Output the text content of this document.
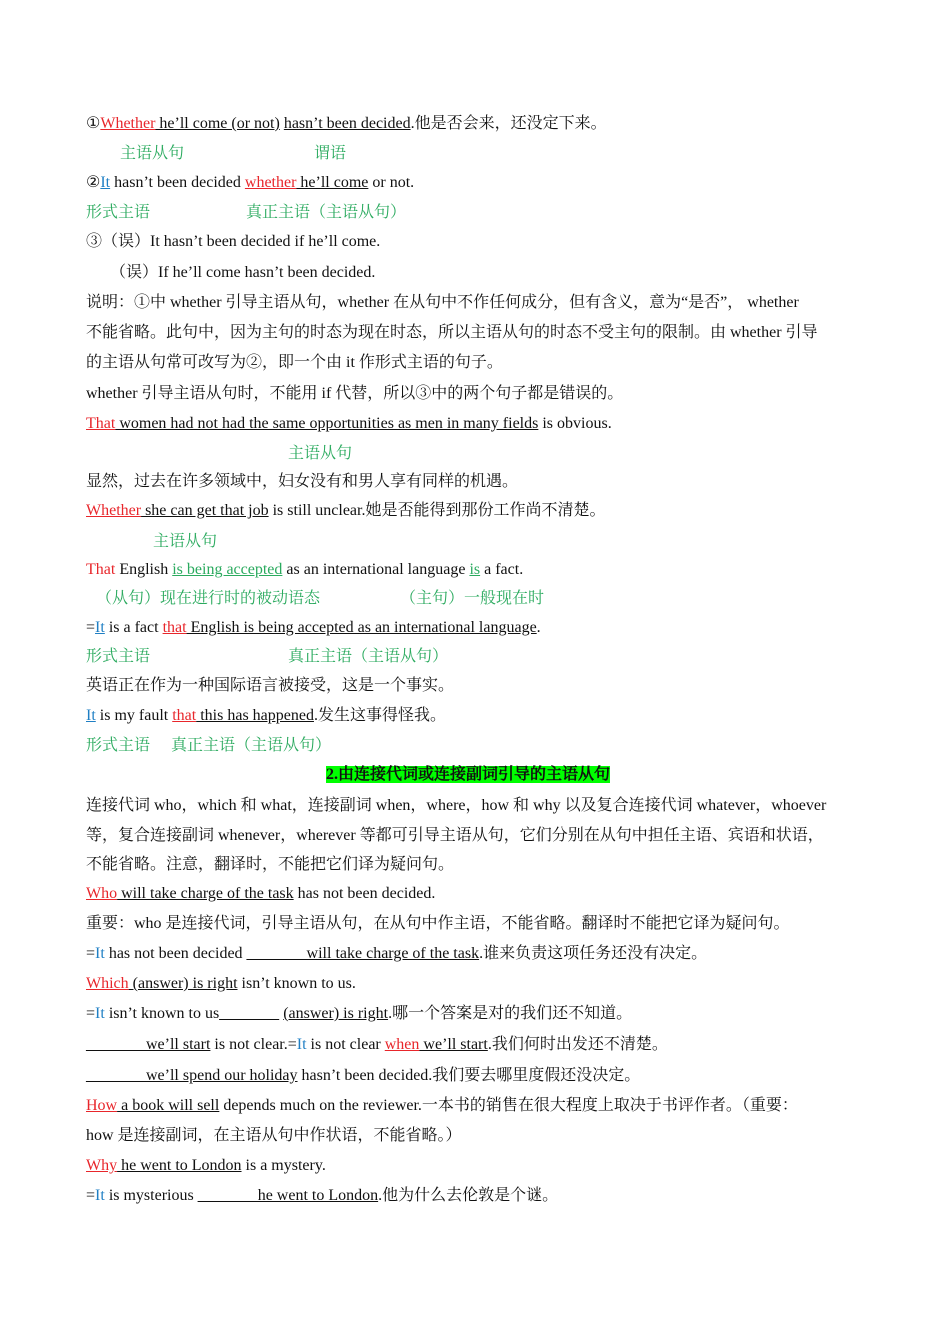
①Whether he’ll come (or not) hasn’t been decided.他是否会来，还没定下来。
主语从句	谓语
②It hasn’t been decided whether he’ll come or not.
形式主语	真正主语（主语从句）
③（误）It hasn’t been decided if he’ll come.
（误）If he’ll come hasn’t been decided.
说明：①中 whether 引导主语从句，whether 在从句中不作任何成分，但有含义，意为“是否”， whether
不能省略。此句中，因为主句的时态为现在时态，所以主语从句的时态不受主句的限制。由 whether 引导
的主语从句常可改写为②，即一个由 it 作形式主语的句子。
whether 引导主语从句时，不能用 if 代替，所以③中的两个句子都是错误的。
That women had not had the same opportunities as men in many fields is obvious.
主语从句
显然，过去在许多领域中，妇女没有和男人享有同样的机遇。
Whether she can get that job is still unclear.她是否能得到那份工作尚不清楚。
主语从句
That English is being accepted as an international language is a fact.
（从句）现在进行时的被动语态	（主句）一般现在时
=It is a fact that English is being accepted as an international language.
形式主语	真正主语（主语从句）
英语正在作为一种国际语言被接受，这是一个事实。
It is my fault that this has happened.发生这事得怪我。
形式主语 真正主语（主语从句）
2.由连接代词或连接副词引导的主语从句
连接代词 who，which 和 what，连接副词 when，where，how 和 why 以及复合连接代词 whatever，whoever
等，复合连接副词 whenever，wherever 等都可引导主语从句，它们分别在从句中担任主语、宾语和状语，
不能省略。注意，翻译时，不能把它们译为疑问句。
Who will take charge of the task has not been decided.
重要：who 是连接代词，引导主语从句，在从句中作主语，不能省略。翻译时不能把它译为疑问句。
=It has not been decided _______ will take charge of the task.谁来负责这项任务还没有决定。
Which (answer) is right isn’t known to us.
=It isn’t known to us_______  (answer) is right.哪一个答案是对的我们还不知道。
_______ we’ll start is not clear.=It is not clear when we’ll start.我们何时出发还不清楚。
_______ we’ll spend our holiday hasn’t been decided.我们要去哪里度假还没决定。
How a book will sell depends much on the reviewer.一本书的销售在很大程度上取决于书评作者。（重要：
how 是连接副词，在主语从句中作状语，不能省略。）
Why he went to London is a mystery.
=It is mysterious _______ he went to London.他为什么去伦敦是个谜。
